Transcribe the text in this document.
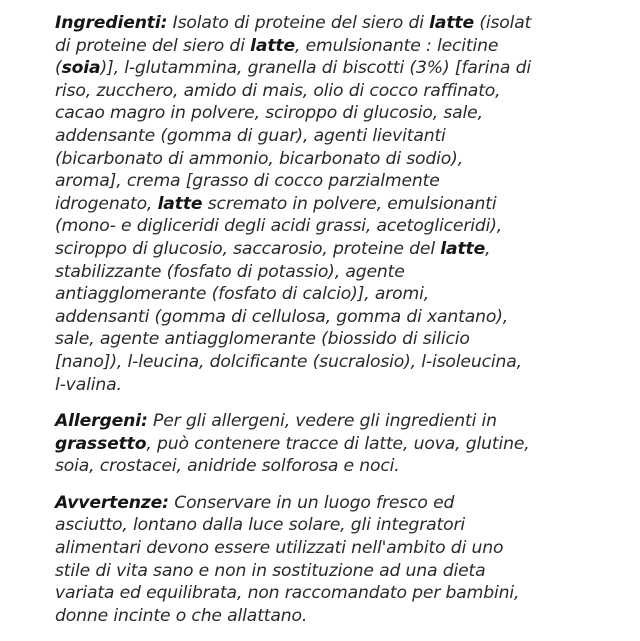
Ingredienti: Isolato di proteine del siero di latte (isolat
di proteine del siero di latte, emulsionante : lecitine
(soia)], l-glutammina, granella di biscotti (3%) [farina di
riso, zucchero, amido di mais, olio di cocco raffinato,
cacao magro in polvere, sciroppo di glucosio, sale,
addensante (gomma di guar), agenti lievitanti
(bicarbonato di ammonio, bicarbonato di sodio),
aroma], crema [grasso di cocco parzialmente
idrogenato, latte scremato in polvere, emulsionanti
(mono- e digliceridi degli acidi grassi, acetogliceridi),
sciroppo di glucosio, saccarosio, proteine del latte,
stabilizzante (fosfato di potassio), agente
antiagglomerante (fosfato di calcio)], aromi,
addensanti (gomma di cellulosa, gomma di xantano),
sale, agente antiagglomerante (biossido di silicio
[nano]), l-leucina, dolcificante (sucralosio), l-isoleucina,
l-valina.
Allergeni: Per gli allergeni, vedere gli ingredienti in
grassetto, può contenere tracce di latte, uova, glutine,
soia, crostacei, anidride solforosa e noci.
Avvertenze: Conservare in un luogo fresco ed
asciutto, lontano dalla luce solare, gli integratori
alimentari devono essere utilizzati nell'ambito di uno
stile di vita sano e non in sostituzione ad una dieta
variata ed equilibrata, non raccomandato per bambini,
donne incinte o che allattano.
